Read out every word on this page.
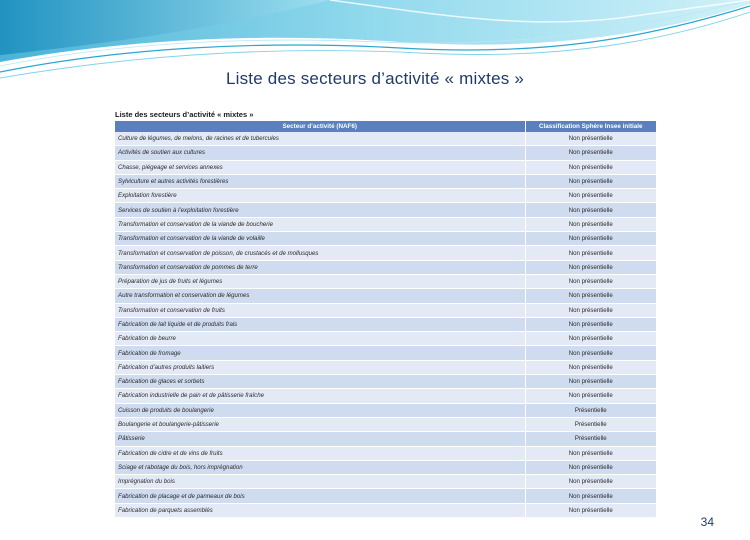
Liste des secteurs d’activité « mixtes »
Liste des secteurs d’activité « mixtes »
Secteur d’activité (NAF6)	Classification Sphère Insee initiale
Culture de légumes, de melons, de racines et de tubercules	Non présentielle
Activités de soutien aux cultures	Non présentielle
Chasse, piégeage et services annexes	Non présentielle
Sylviculture et autres activités forestières	Non présentielle
Exploitation forestière	Non présentielle
Services de soutien à l’exploitation forestière	Non présentielle
Transformation et conservation de la viande de boucherie	Non présentielle
Transformation et conservation de la viande de volaille	Non présentielle
Transformation et conservation de poisson, de crustacés et de mollusques	Non présentielle
Transformation et conservation de pommes de terre	Non présentielle
Préparation de jus de fruits et légumes	Non présentielle
Autre transformation et conservation de légumes	Non présentielle
Transformation et conservation de fruits	Non présentielle
Fabrication de lait liquide et de produits frais	Non présentielle
Fabrication de beurre	Non présentielle
Fabrication de fromage	Non présentielle
Fabrication d’autres produits laitiers	Non présentielle
Fabrication de glaces et sorbets	Non présentielle
Fabrication industrielle de pain et de pâtisserie fraîche	Non présentielle
Cuisson de produits de boulangerie	Présentielle
Boulangerie et boulangerie-pâtisserie	Présentielle
Pâtisserie	Présentielle
Fabrication de cidre et de vins de fruits	Non présentielle
Sciage et rabotage du bois, hors imprégnation	Non présentielle
Imprégnation du bois	Non présentielle
Fabrication de placage et de panneaux de bois	Non présentielle
Fabrication de parquets assemblés	Non présentielle
34
